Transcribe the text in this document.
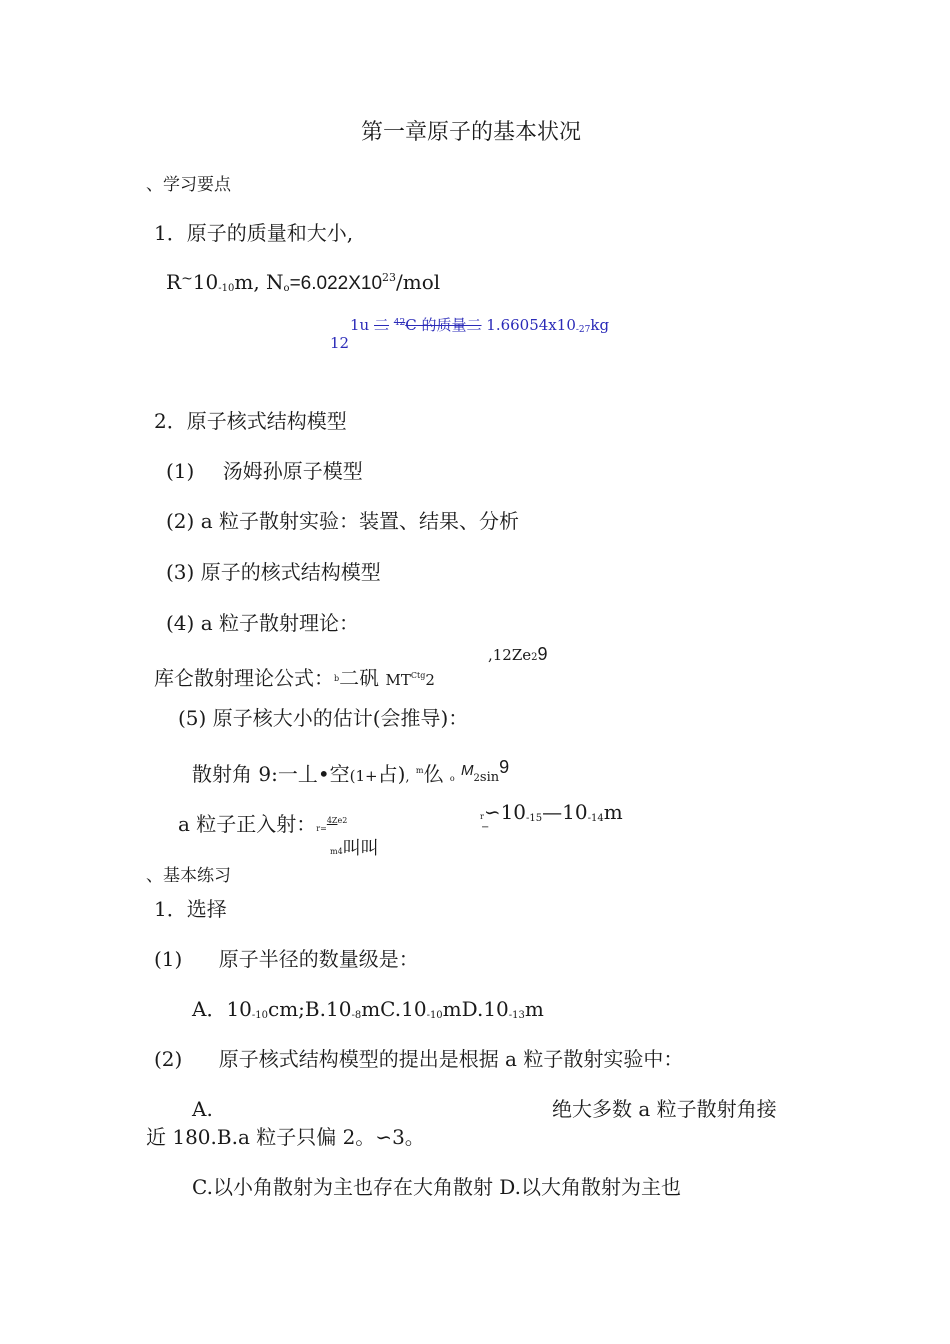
第一章原子的基本状况
、学习要点
1．原子的质量和大小,
$R^\sim 10_{-10}m$, $N_o=6.022X10^{23}$/mol
1u 二 $^{42}$C 的质量二 1.66054x10-27kg
12
2．原子核式结构模型
(1) 汤姆孙原子模型
(2) a 粒子散射实验：装置、结果、分析
(3) 原子的核式结构模型
(4) a 粒子散射理论：
,12Ze29
库仑散射理论公式：$^b$二矾 $MT^{Ctg}2$
(5) 原子核大小的估计(会推导)：
散射角 9:一丄•空(1+占), $^m$仫 o $^M$2sin9
a 粒子正入射：r=$^{4Ze2}$
m4叫叫
$r∽10_{-15}—10_{-14}m$
−
、基本练习
1．选择
(1) 原子半径的数量级是：
A．$10_{-10}cm;B.10_{-8}mC.10_{-10}mD.10_{-13}m$
(2) 原子核式结构模型的提出是根据 a 粒子散射实验中：
A.	绝大多数 a 粒子散射角接
近 180.B.a 粒子只偏 2。∽3。
C.以小角散射为主也存在大角散射 D.以大角散射为主也
